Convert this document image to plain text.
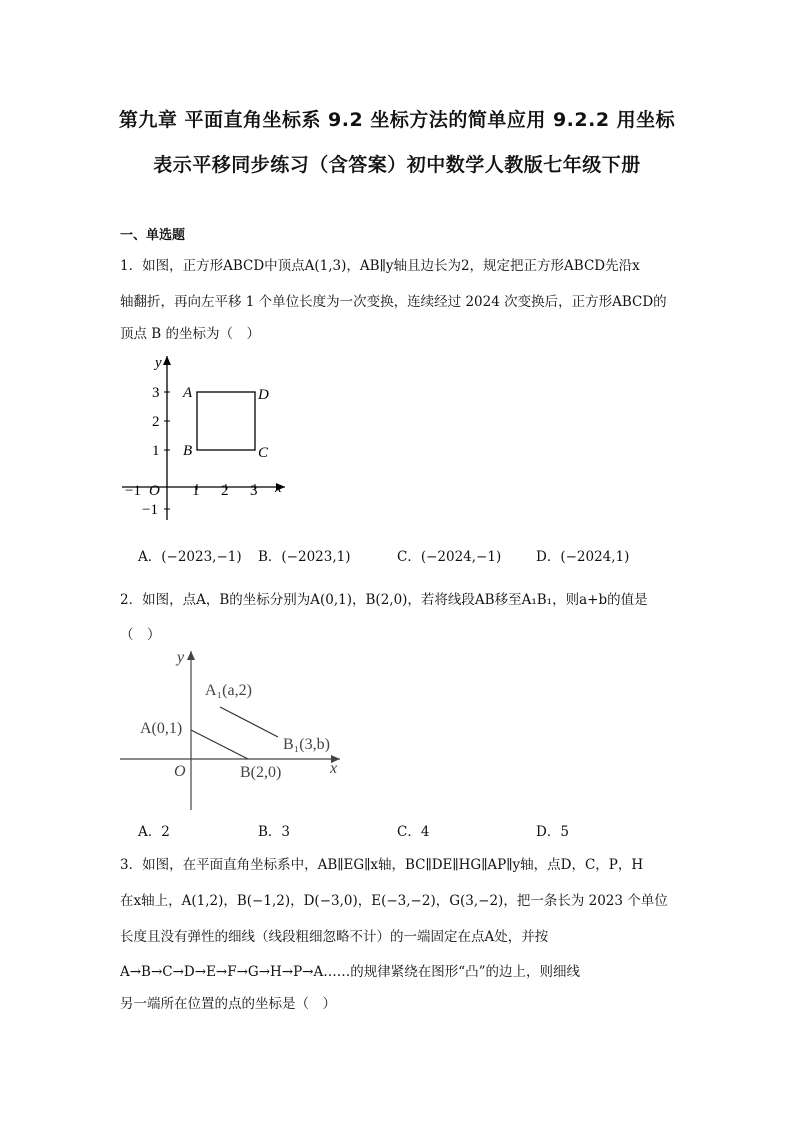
第九章 平面直角坐标系 9.2 坐标方法的简单应用 9.2.2 用坐标
表示平移同步练习（含答案）初中数学人教版七年级下册
一、单选题
1．如图，正方形ABCD中顶点A(1,3)，AB∥y轴且边长为2，规定把正方形ABCD先沿x
轴翻折，再向左平移 1 个单位长度为一次变换，连续经过 2024 次变换后，正方形ABCD的
顶点 B 的坐标为（　）
x
y
O
−1	1 2 3
3
2
1
−1
A
B	C
D
A．(−2023,−1) B．(−2023,1)	C．(−2024,−1)	D．(−2024,1)
2．如图，点A，B的坐标分别为A(0,1)，B(2,0)，若将线段AB移至A₁B₁，则a+b的值是
（　）
x
y
O
A(0,1)
B(2,0)
A₁(a,2)
B₁(3,b)
A．2	B．3	C．4	D．5
3．如图，在平面直角坐标系中，AB∥EG∥x轴，BC∥DE∥HG∥AP∥y轴，点D，C，P，H
在x轴上，A(1,2)，B(−1,2)，D(−3,0)，E(−3,−2)，G(3,−2)，把一条长为 2023 个单位
长度且没有弹性的细线（线段粗细忽略不计）的一端固定在点A处，并按
A→B→C→D→E→F→G→H→P→A……的规律紧绕在图形“凸”的边上，则细线
另一端所在位置的点的坐标是（　）
